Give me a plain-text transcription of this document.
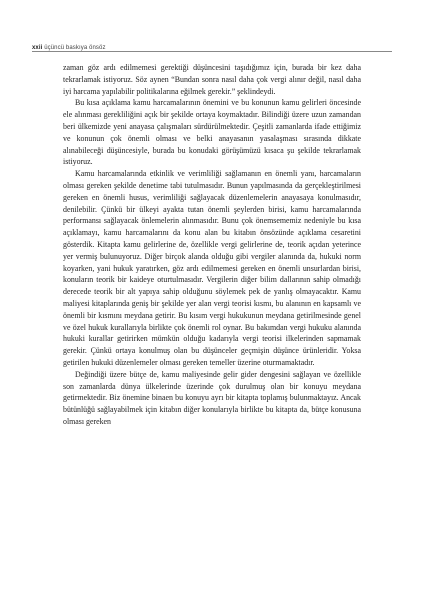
xxii üçüncü baskıya önsöz

zaman göz ardı edilmemesi gerektiği düşüncesini taşıdığımız için, burada bir kez daha tekrarlamak istiyoruz. Söz aynen “Bundan sonra nasıl daha çok vergi alınır değil, nasıl daha iyi harcama yapılabilir politikalarına eğilmek gerekir.” şeklindeydi.

Bu kısa açıklama kamu harcamalarının önemini ve bu konunun kamu gelirleri öncesinde ele alınması gerekliliğini açık bir şekilde ortaya koymaktadır. Bilindiği üzere uzun zamandan beri ülkemizde yeni anayasa çalışmaları sürdürülmektedir. Çeşitli zamanlarda ifade ettiğimiz ve konunun çok önemli olması ve belki anayasanın yasalaşması sırasında dikkate alınabileceği düşüncesiyle, burada bu konudaki görüşümüzü kısaca şu şekilde tekrarlamak istiyoruz.

Kamu harcamalarında etkinlik ve verimliliği sağlamanın en önemli yanı, harcamaların olması gereken şekilde denetime tabi tutulmasıdır. Bunun yapılmasında da gerçekleştirilmesi gereken en önemli husus, verimliliği sağlayacak düzenlemelerin anayasaya konulmasıdır, denilebilir. Çünkü bir ülkeyi ayakta tutan önemli şeylerden birisi, kamu harcamalarında performansı sağlayacak önlemelerin alınmasıdır. Bunu çok önemsememiz nedeniyle bu kısa açıklamayı, kamu harcamalarını da konu alan bu kitabın önsözünde açıklama cesaretini gösterdik. Kitapta kamu gelirlerine de, özellikle vergi gelirlerine de, teorik açıdan yeterince yer vermiş bulunuyoruz. Diğer birçok alanda olduğu gibi vergiler alanında da, hukuki norm koyarken, yani hukuk yaratırken, göz ardı edilmemesi gereken en önemli unsurlardan birisi, konuların teorik bir kaideye oturtulmasıdır. Vergilerin diğer bilim dallarının sahip olmadığı derecede teorik bir alt yapıya sahip olduğunu söylemek pek de yanlış olmayacaktır. Kamu maliyesi kitaplarında geniş bir şekilde yer alan vergi teorisi kısmı, bu alanının en kapsamlı ve önemli bir kısmını meydana getirir. Bu kısım vergi hukukunun meydana getirilmesinde genel ve özel hukuk kurallarıyla birlikte çok önemli rol oynar. Bu bakımdan vergi hukuku alanında hukuki kurallar getirirken mümkün olduğu kadarıyla vergi teorisi ilkelerinden sapmamak gerekir. Çünkü ortaya konulmuş olan bu düşünceler geçmişin düşünce ürünleridir. Yoksa getirilen hukuki düzenlemeler olması gereken temeller üzerine oturmamaktadır.

Değindiği üzere bütçe de, kamu maliyesinde gelir gider dengesini sağlayan ve özellikle son zamanlarda dünya ülkelerinde üzerinde çok durulmuş olan bir konuyu meydana getirmektedir. Biz önemine binaen bu konuyu ayrı bir kitapta toplamış bulunmaktayız. Ancak bütünlüğü sağlayabilmek için kitabın diğer konularıyla birlikte bu kitapta da, bütçe konusuna olması gereken
